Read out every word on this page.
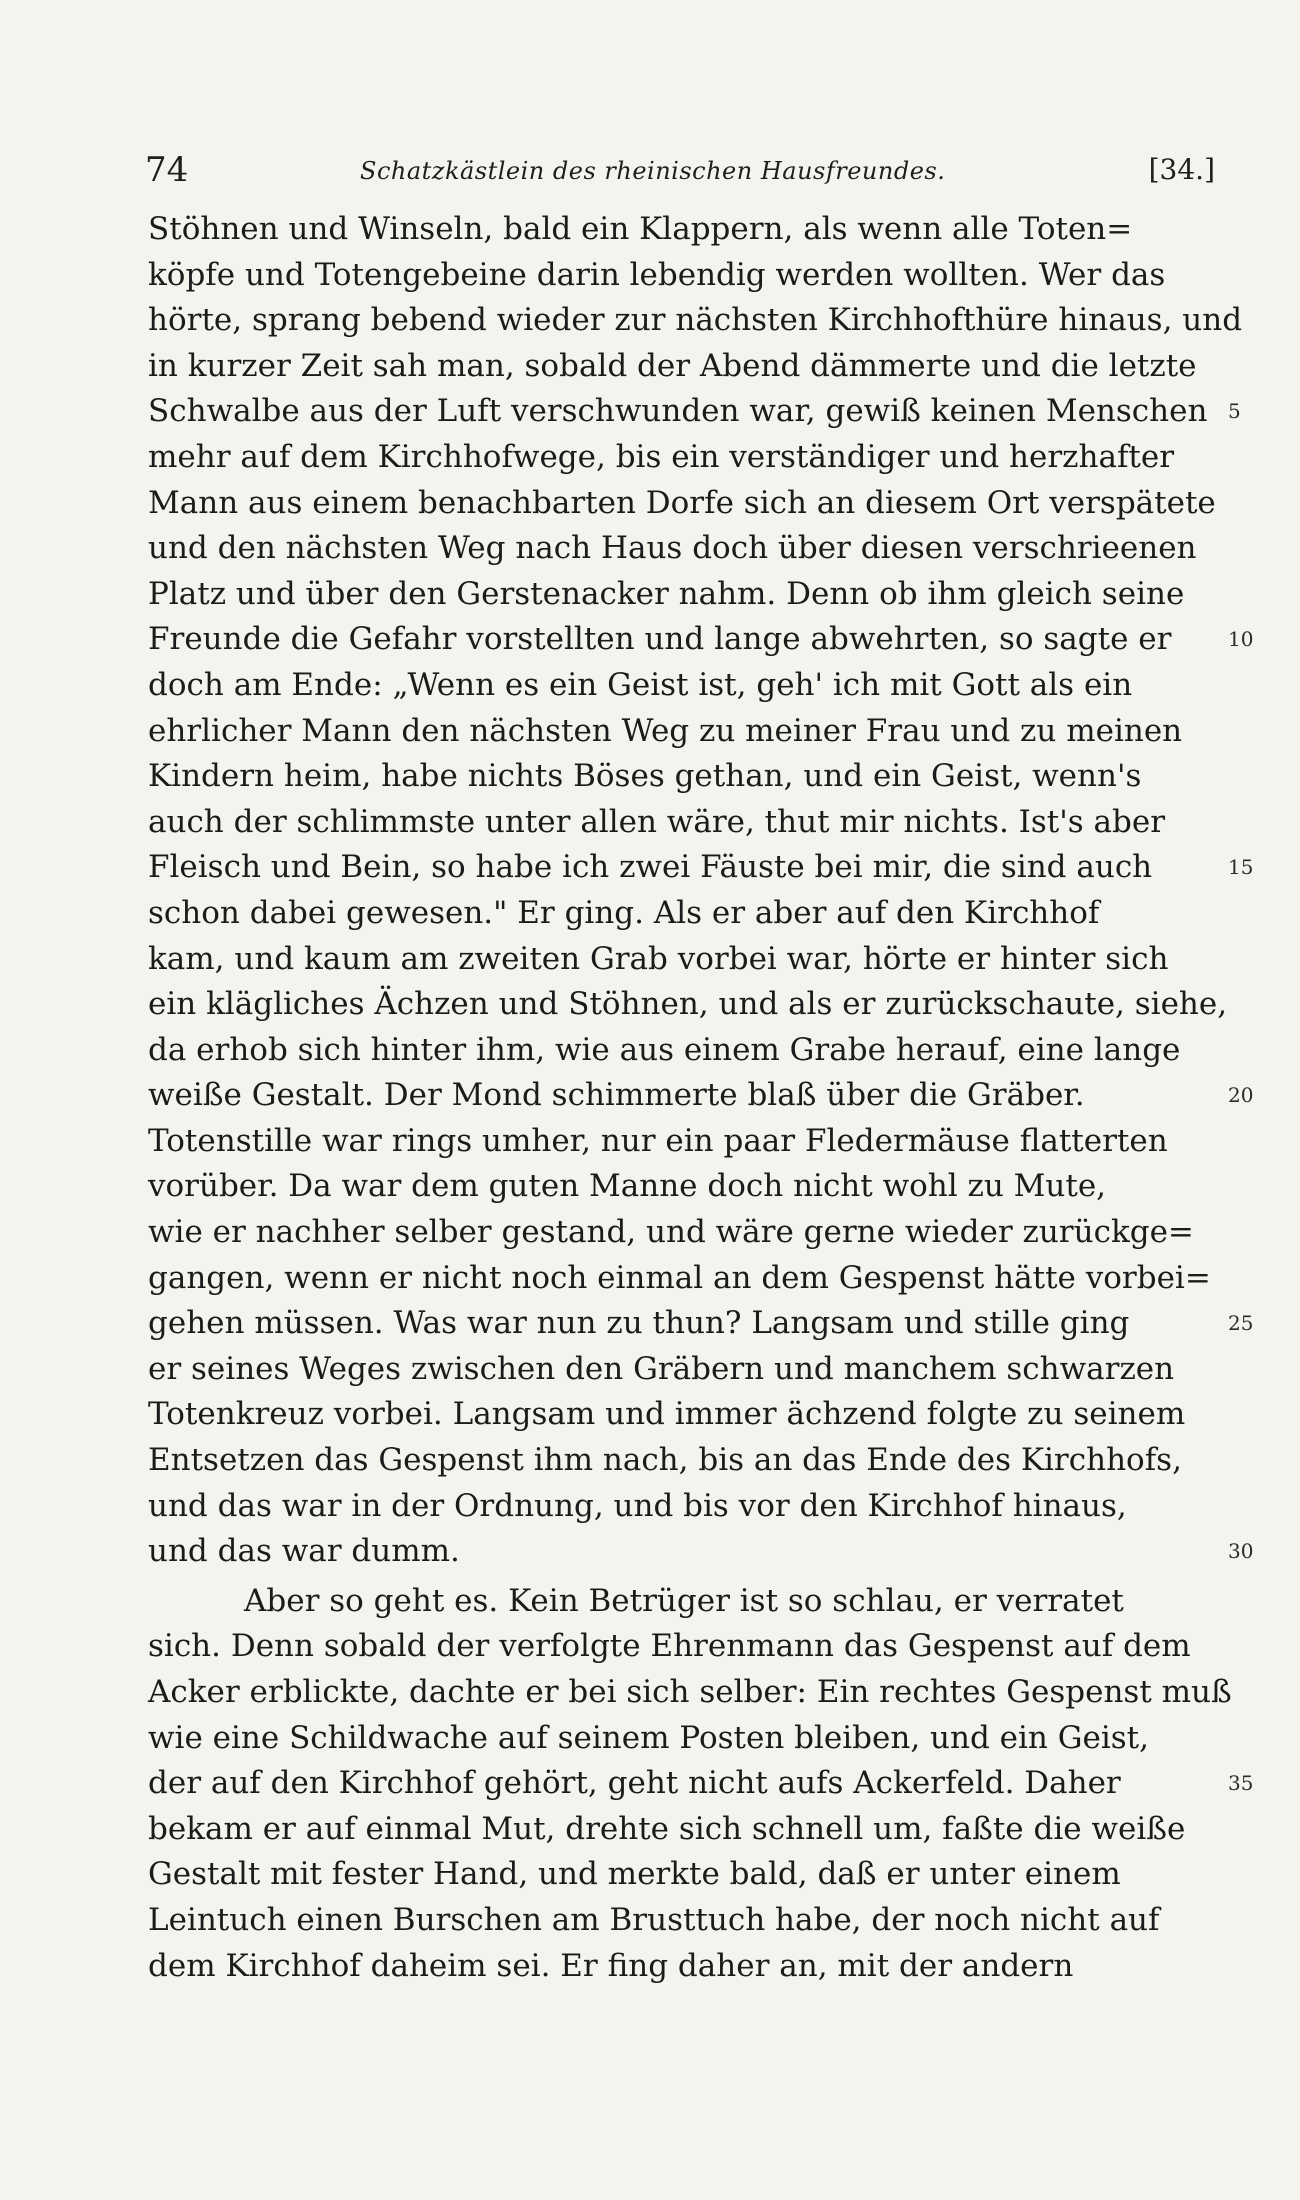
74	Schatzkästlein des rheinischen Hausfreundes.	[34.]
Stöhnen und Winseln, bald ein Klappern, als wenn alle Toten=
köpfe und Totengebeine darin lebendig werden wollten. Wer das
hörte, sprang bebend wieder zur nächsten Kirchhofthüre hinaus, und
in kurzer Zeit sah man, sobald der Abend dämmerte und die letzte
Schwalbe aus der Luft verschwunden war, gewiß keinen Menschen 5
mehr auf dem Kirchhofwege, bis ein verständiger und herzhafter
Mann aus einem benachbarten Dorfe sich an diesem Ort verspätete
und den nächsten Weg nach Haus doch über diesen verschrieenen
Platz und über den Gerstenacker nahm. Denn ob ihm gleich seine
Freunde die Gefahr vorstellten und lange abwehrten, so sagte er	10
doch am Ende: „Wenn es ein Geist ist, geh' ich mit Gott als ein
ehrlicher Mann den nächsten Weg zu meiner Frau und zu meinen
Kindern heim, habe nichts Böses gethan, und ein Geist, wenn's
auch der schlimmste unter allen wäre, thut mir nichts. Ist's aber
Fleisch und Bein, so habe ich zwei Fäuste bei mir, die sind auch	15
schon dabei gewesen." Er ging. Als er aber auf den Kirchhof
kam, und kaum am zweiten Grab vorbei war, hörte er hinter sich
ein klägliches Ächzen und Stöhnen, und als er zurückschaute, siehe,
da erhob sich hinter ihm, wie aus einem Grabe herauf, eine lange
weiße Gestalt. Der Mond schimmerte blaß über die Gräber.	20
Totenstille war rings umher, nur ein paar Fledermäuse flatterten
vorüber. Da war dem guten Manne doch nicht wohl zu Mute,
wie er nachher selber gestand, und wäre gerne wieder zurückge=
gangen, wenn er nicht noch einmal an dem Gespenst hätte vorbei=
gehen müssen. Was war nun zu thun? Langsam und stille ging	25
er seines Weges zwischen den Gräbern und manchem schwarzen
Totenkreuz vorbei. Langsam und immer ächzend folgte zu seinem
Entsetzen das Gespenst ihm nach, bis an das Ende des Kirchhofs,
und das war in der Ordnung, und bis vor den Kirchhof hinaus,
und das war dumm.	30
Aber so geht es. Kein Betrüger ist so schlau, er verratet
sich. Denn sobald der verfolgte Ehrenmann das Gespenst auf dem
Acker erblickte, dachte er bei sich selber: Ein rechtes Gespenst muß
wie eine Schildwache auf seinem Posten bleiben, und ein Geist,
der auf den Kirchhof gehört, geht nicht aufs Ackerfeld. Daher	35
bekam er auf einmal Mut, drehte sich schnell um, faßte die weiße
Gestalt mit fester Hand, und merkte bald, daß er unter einem
Leintuch einen Burschen am Brusttuch habe, der noch nicht auf
dem Kirchhof daheim sei. Er fing daher an, mit der andern
